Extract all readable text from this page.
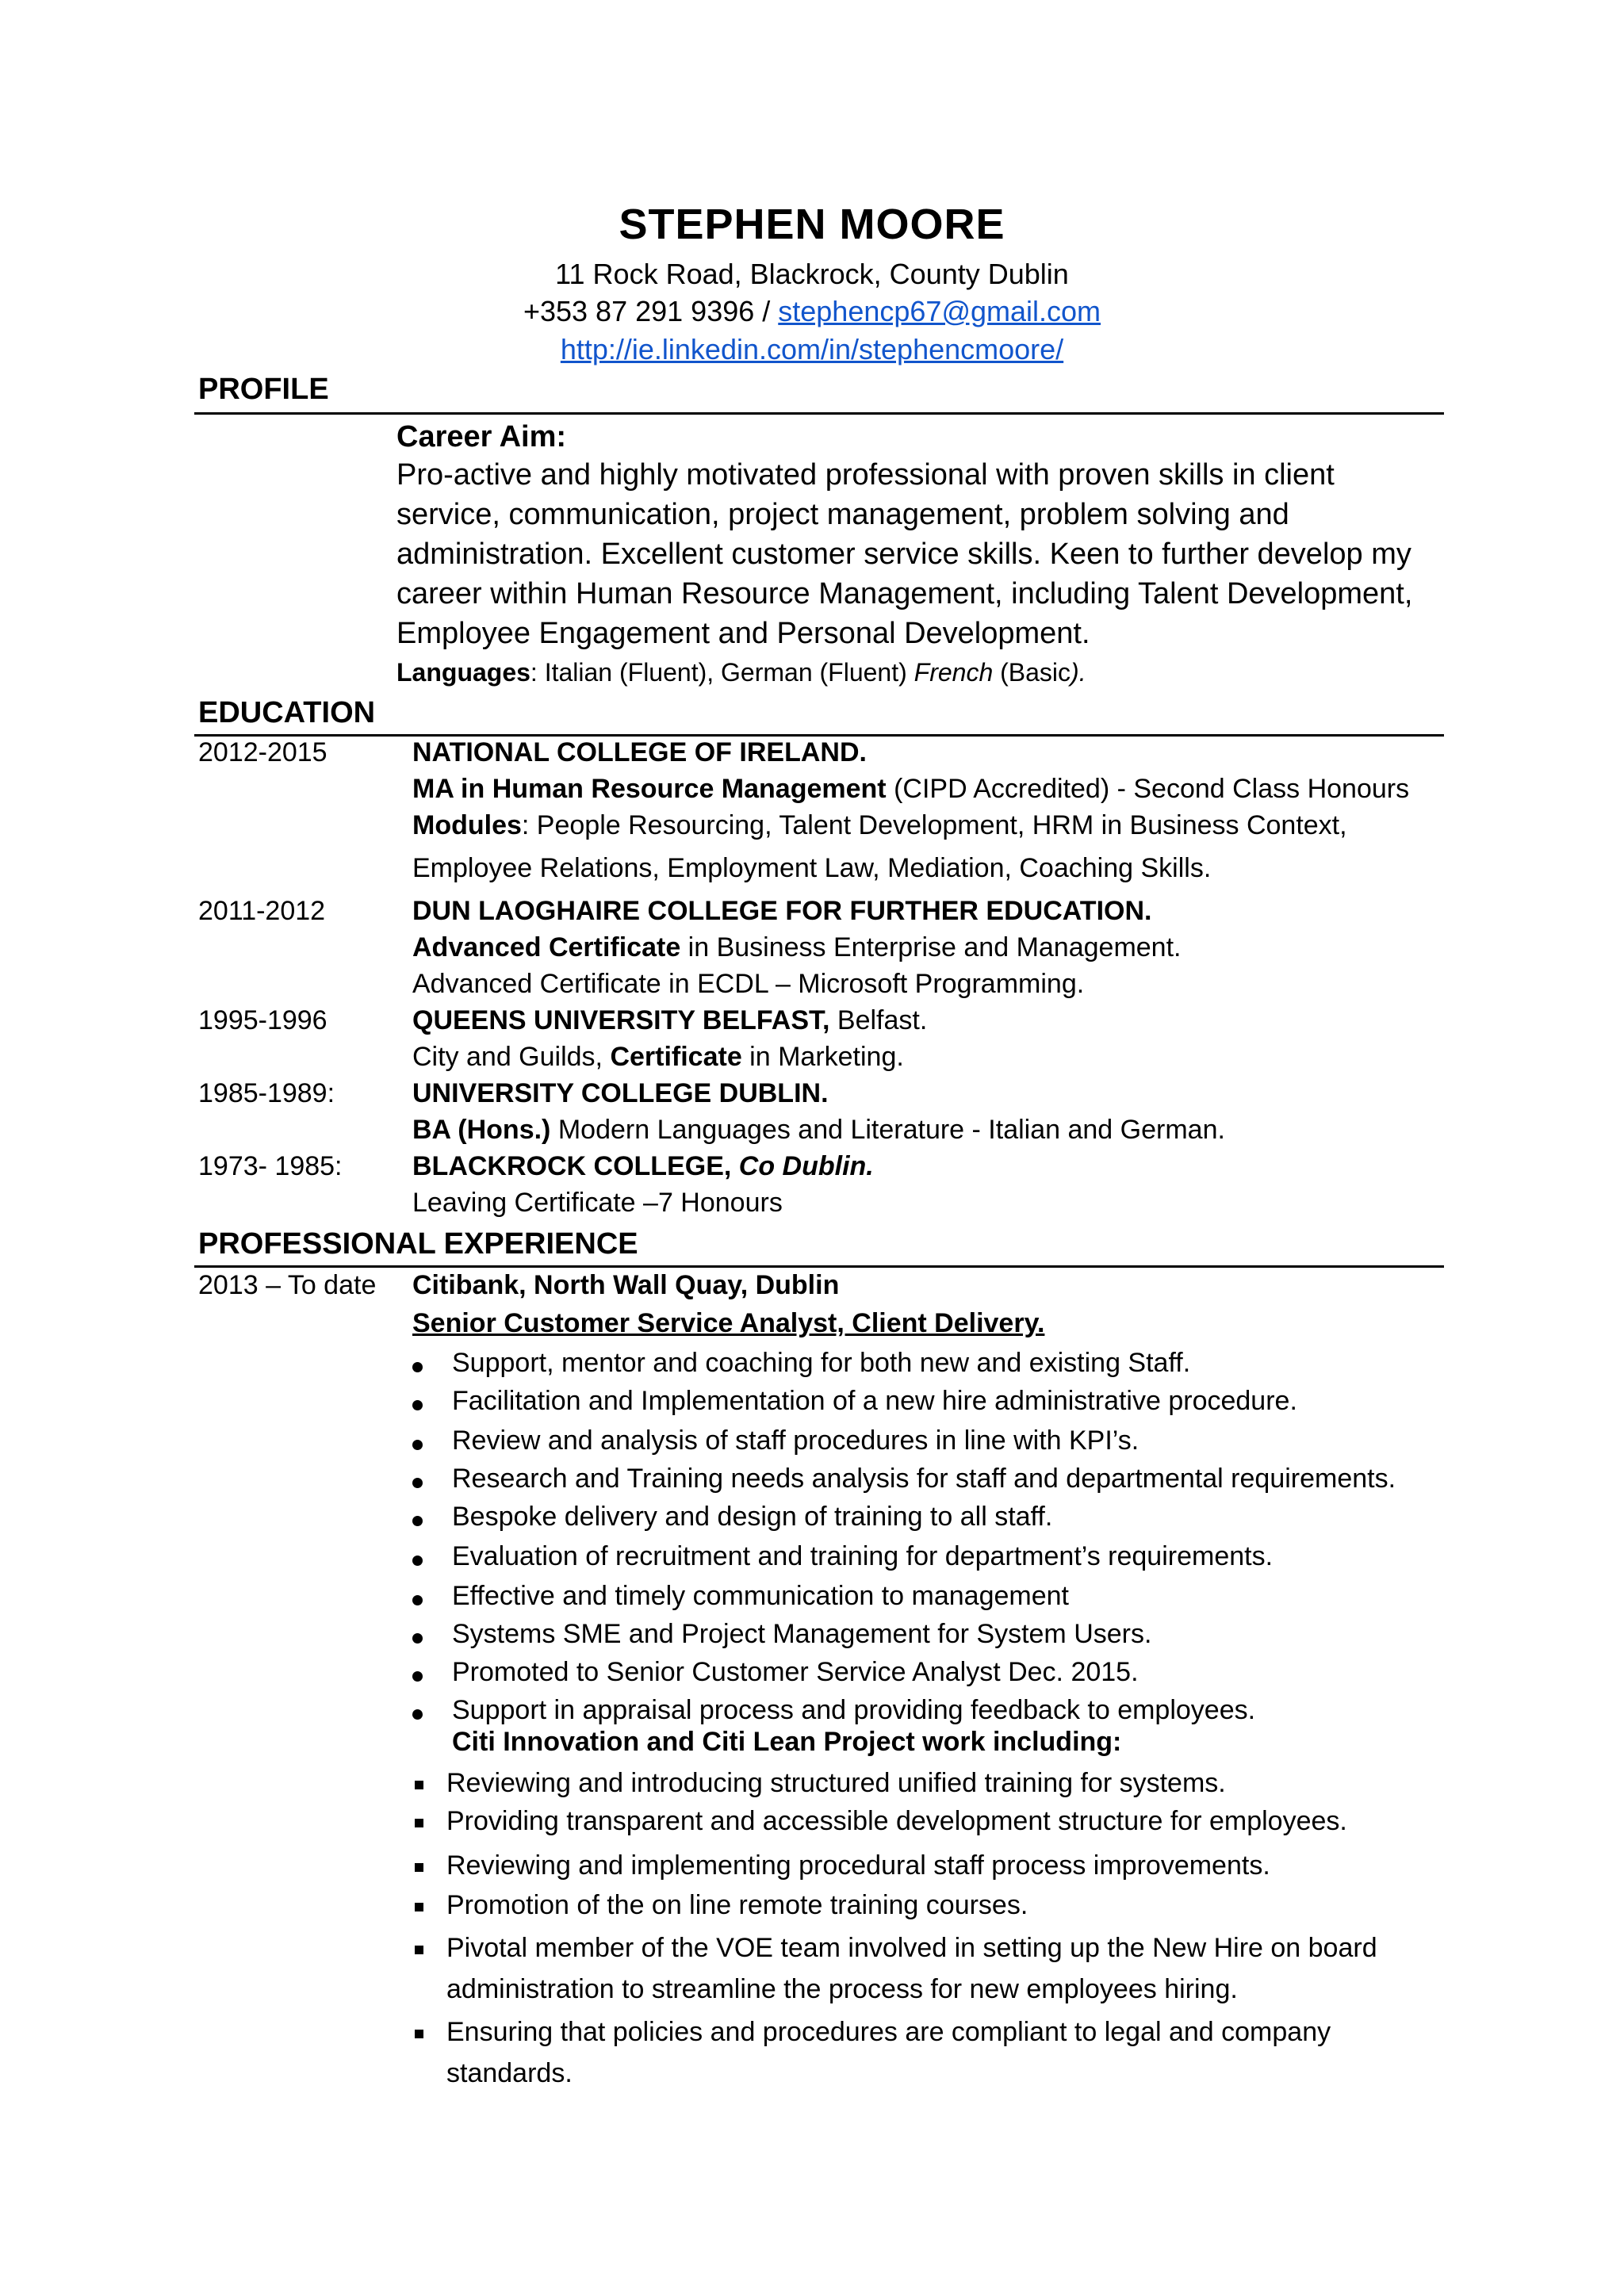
STEPHEN MOORE
11 Rock Road, Blackrock, County Dublin
+353 87 291 9396 / stephencp67@gmail.com
http://ie.linkedin.com/in/stephencmoore/
PROFILE
Career Aim:
Pro-active and highly motivated professional with proven skills in client
service, communication, project management, problem solving and
administration. Excellent customer service skills. Keen to further develop my
career within Human Resource Management, including Talent Development,
Employee Engagement and Personal Development.
Languages: Italian (Fluent), German (Fluent) French (Basic).
EDUCATION
2012-2015	NATIONAL COLLEGE OF IRELAND.
MA in Human Resource Management (CIPD Accredited) - Second Class Honours
Modules: People Resourcing, Talent Development, HRM in Business Context,
Employee Relations, Employment Law, Mediation, Coaching Skills.
2011-2012	DUN LAOGHAIRE COLLEGE FOR FURTHER EDUCATION.
Advanced Certificate in Business Enterprise and Management.
Advanced Certificate in ECDL – Microsoft Programming.
1995-1996	QUEENS UNIVERSITY BELFAST, Belfast.
City and Guilds, Certificate in Marketing.
1985-1989:	UNIVERSITY COLLEGE DUBLIN.
BA (Hons.) Modern Languages and Literature - Italian and German.
1973- 1985:	BLACKROCK COLLEGE, Co Dublin.
Leaving Certificate –7 Honours
PROFESSIONAL EXPERIENCE
2013 – To date Citibank, North Wall Quay, Dublin
Senior Customer Service Analyst, Client Delivery.
Support, mentor and coaching for both new and existing Staff.
Facilitation and Implementation of a new hire administrative procedure.
Review and analysis of staff procedures in line with KPI’s.
Research and Training needs analysis for staff and departmental requirements.
Bespoke delivery and design of training to all staff.
Evaluation of recruitment and training for department’s requirements.
Effective and timely communication to management
Systems SME and Project Management for System Users.
Promoted to Senior Customer Service Analyst Dec. 2015.
Support in appraisal process and providing feedback to employees.
Citi Innovation and Citi Lean Project work including:
Reviewing and introducing structured unified training for systems.
Providing transparent and accessible development structure for employees.
Reviewing and implementing procedural staff process improvements.
Promotion of the on line remote training courses.
Pivotal member of the VOE team involved in setting up the New Hire on board
administration to streamline the process for new employees hiring.
Ensuring that policies and procedures are compliant to legal and company
standards.
